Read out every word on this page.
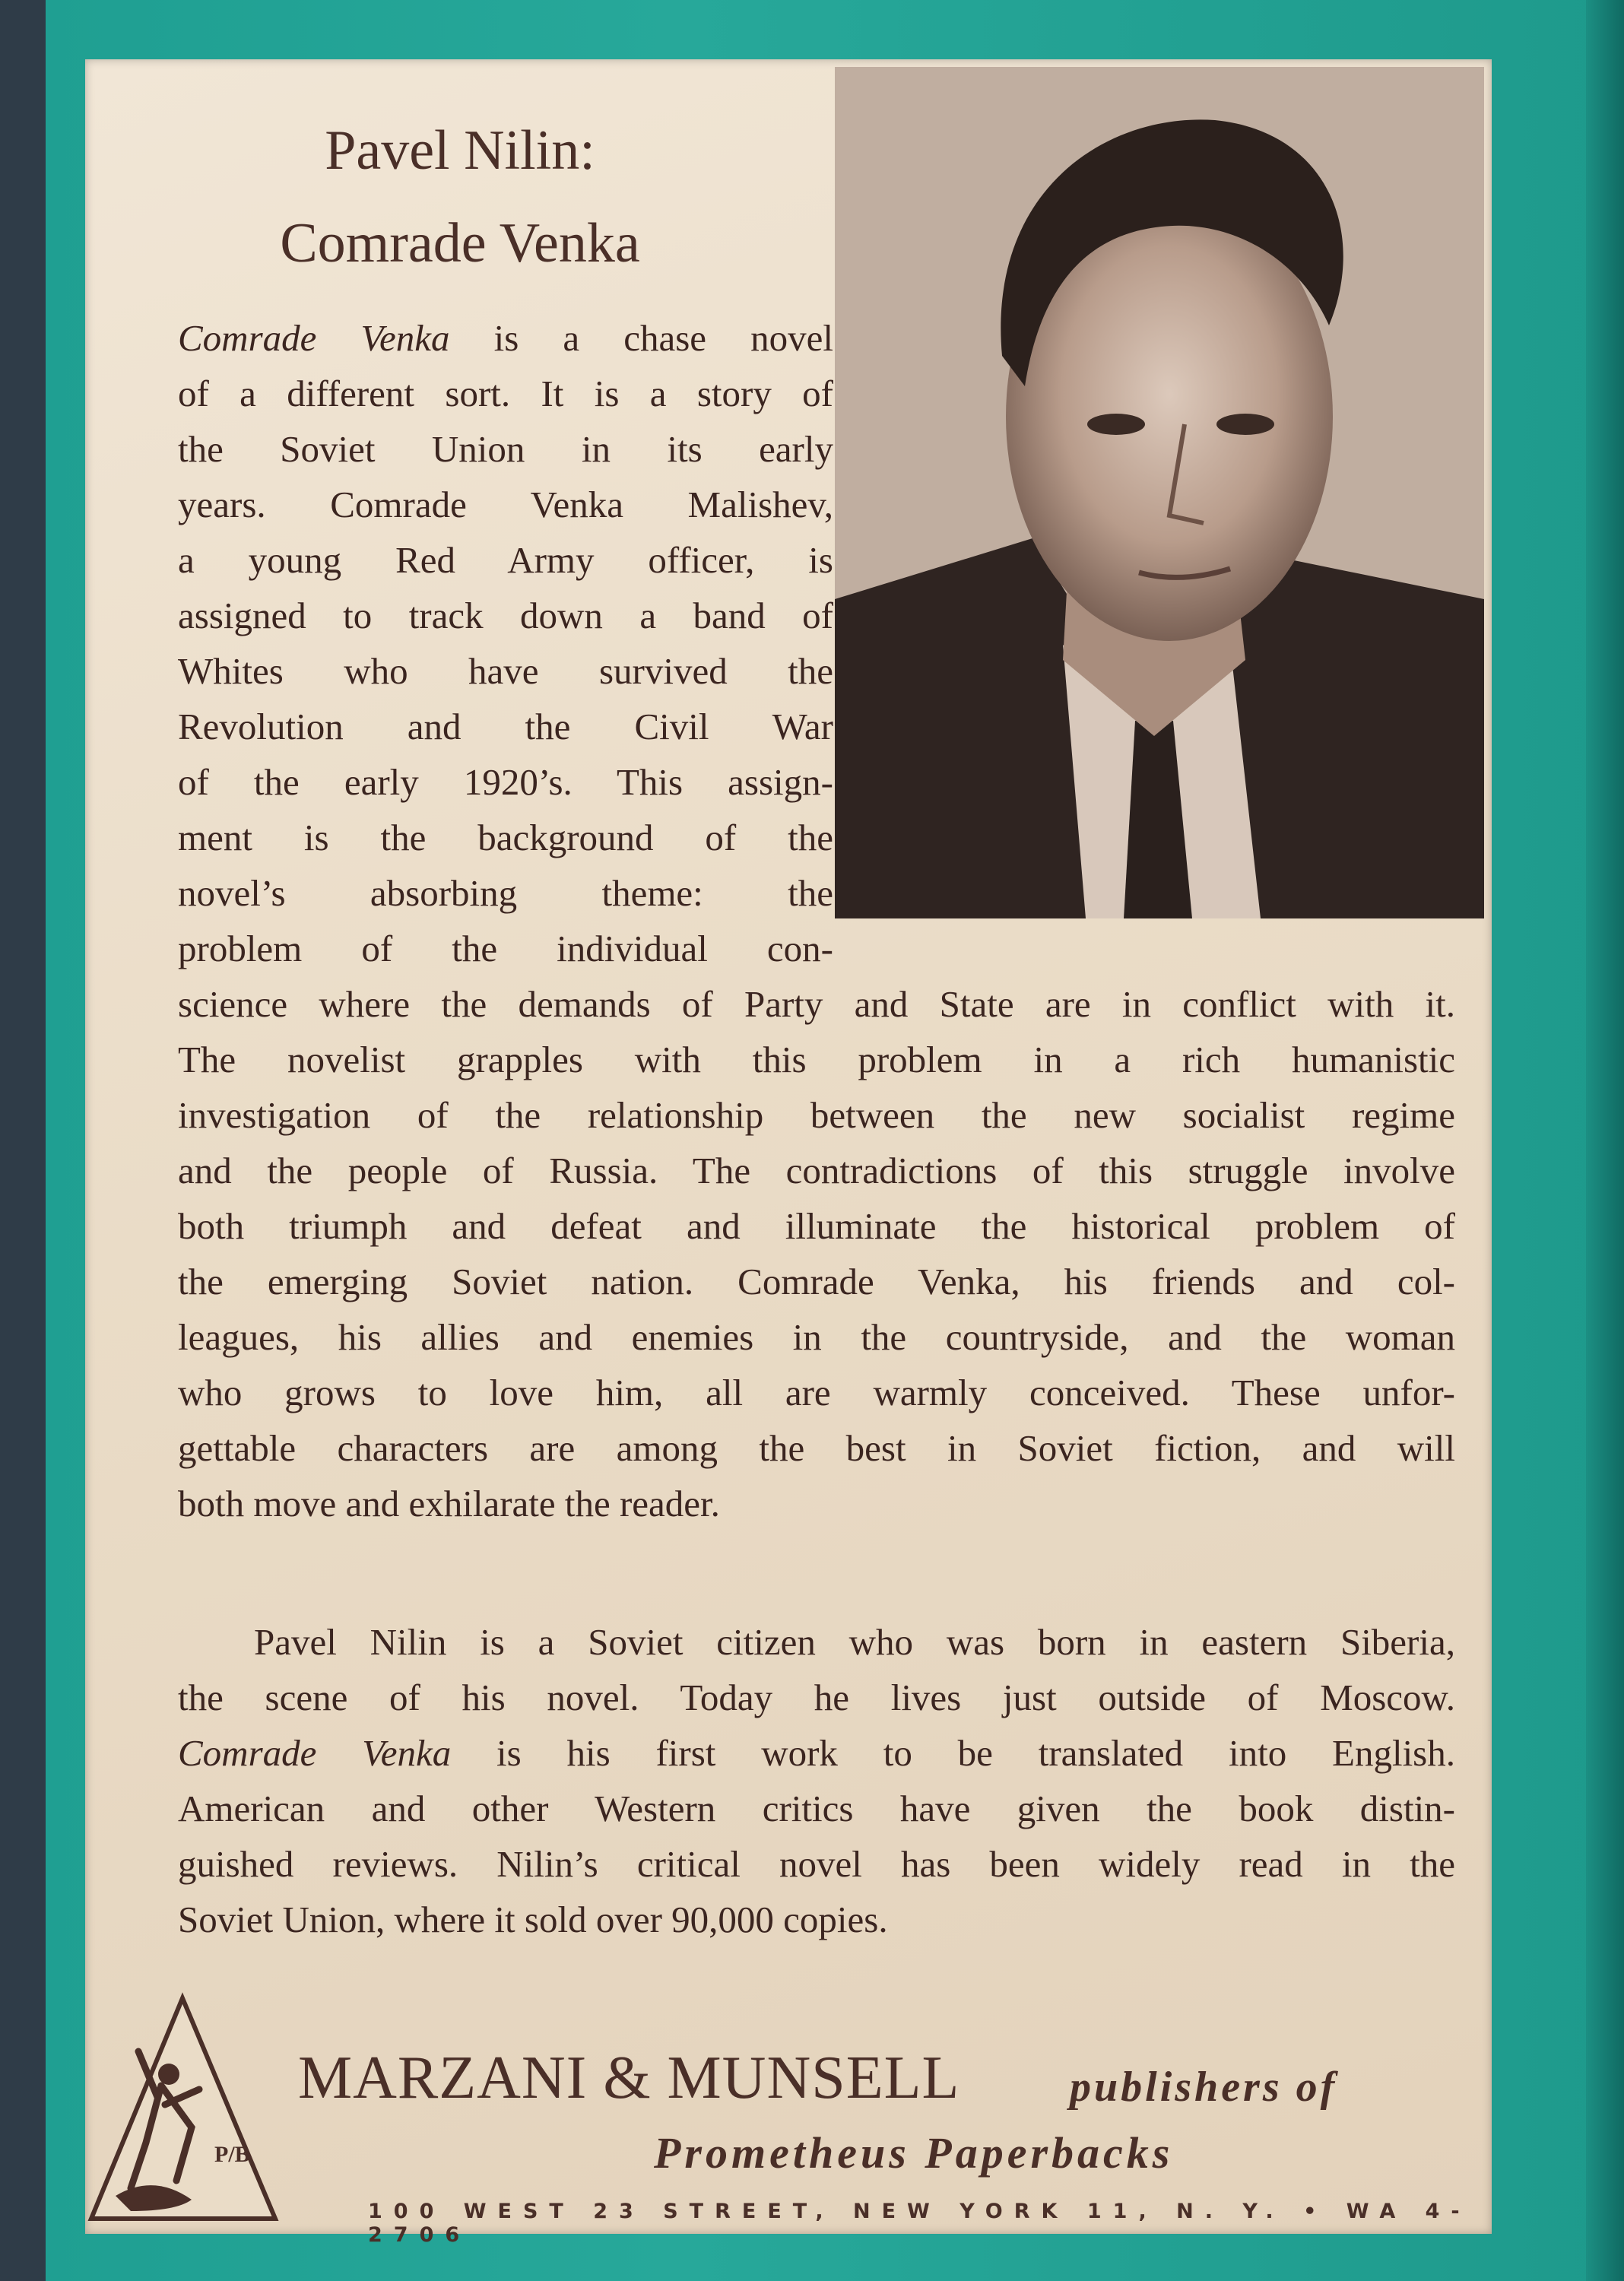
Pavel Nilin:
Comrade Venka
Comrade Venka is a chase novel
of a different sort. It is a story of
the Soviet Union in its early
years. Comrade Venka Malishev,
a young Red Army officer, is
assigned to track down a band of
Whites who have survived the
Revolution and the Civil War
of the early 1920’s. This assign-
ment is the background of the
novel’s absorbing theme: the
problem of the individual con-
science where the demands of Party and State are in conflict with it.
The novelist grapples with this problem in a rich humanistic
investigation of the relationship between the new socialist regime
and the people of Russia. The contradictions of this struggle involve
both triumph and defeat and illuminate the historical problem of
the emerging Soviet nation. Comrade Venka, his friends and col-
leagues, his allies and enemies in the countryside, and the woman
who grows to love him, all are warmly conceived. These unfor-
gettable characters are among the best in Soviet fiction, and will
both move and exhilarate the reader.
Pavel Nilin is a Soviet citizen who was born in eastern Siberia,
the scene of his novel. Today he lives just outside of Moscow.
Comrade Venka is his first work to be translated into English.
American and other Western critics have given the book distin-
guished reviews. Nilin’s critical novel has been widely read in the
Soviet Union, where it sold over 90,000 copies.
P/B
MARZANI & MUNSELL	publishers of
Prometheus Paperbacks
100 WEST 23 STREET, NEW YORK 11, N. Y. • WA 4-2706
